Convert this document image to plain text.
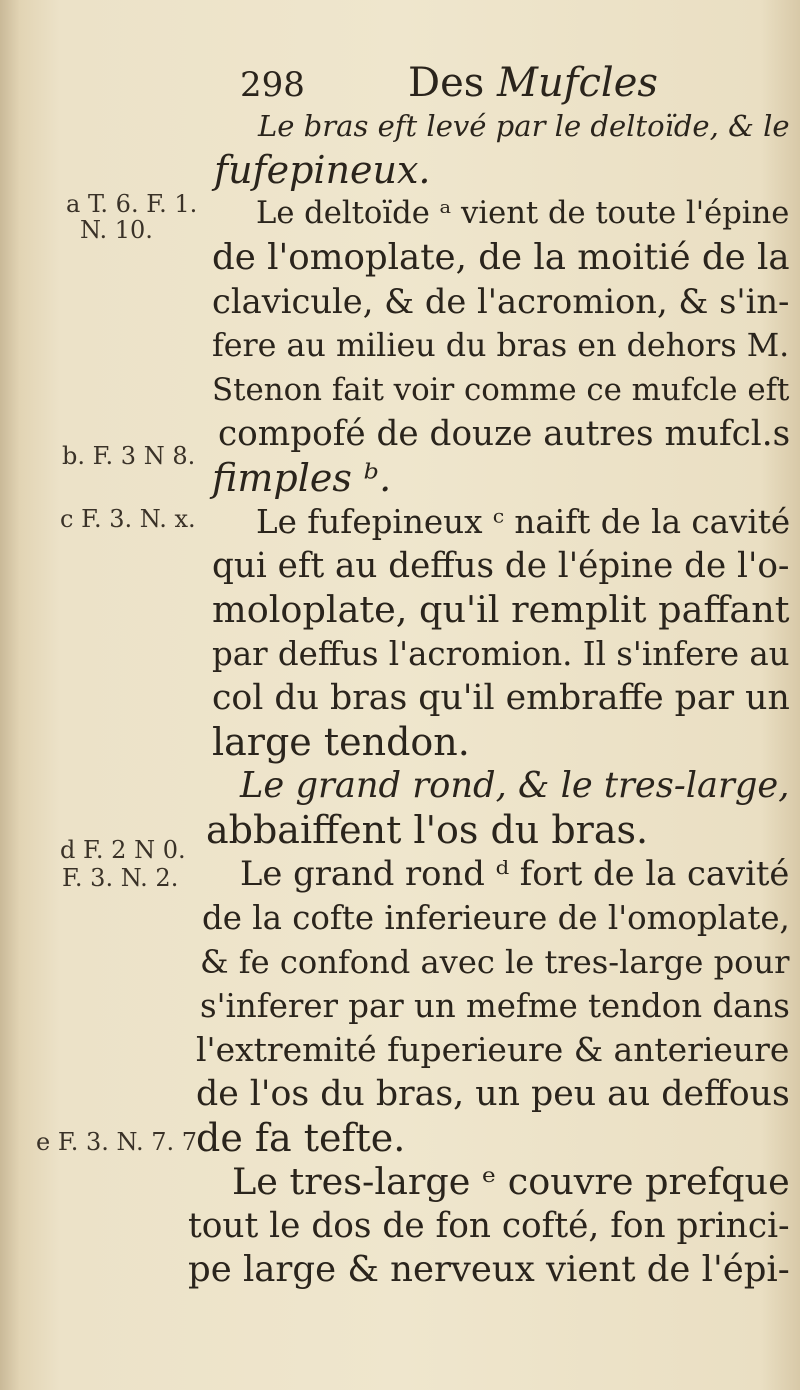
298	Des Mufcles
a T. 6. F. 1.
N. 10.
b. F. 3 N 8.
c F. 3. N. x.
d F. 2 N 0.
F. 3. N. 2.
e F. 3. N. 7. 7
Le bras eft levé par le deltoïde, & le
fufepineux.
Le deltoïde ᵃ vient de toute l'épine
de l'omoplate, de la moitié de la
clavicule, & de l'acromion, & s'in-
fere au milieu du bras en dehors M.
Stenon fait voir comme ce mufcle eft
compofé de douze autres mufcl.s
fimples ᵇ.
Le fufepineux ᶜ naift de la cavité
qui eft au deffus de l'épine de l'o-
moloplate, qu'il remplit paffant
par deffus l'acromion. Il s'infere au
col du bras qu'il embraffe par un
large tendon.
Le grand rond, & le tres-large,
abbaiffent l'os du bras.
Le grand rond ᵈ fort de la cavité
de la cofte inferieure de l'omoplate,
& fe confond avec le tres-large pour
s'inferer par un mefme tendon dans
l'extremité fuperieure & anterieure
de l'os du bras, un peu au deffous
de fa tefte.
Le tres-large ᵉ couvre prefque
tout le dos de fon cofté, fon princi-
pe large & nerveux vient de l'épi-
